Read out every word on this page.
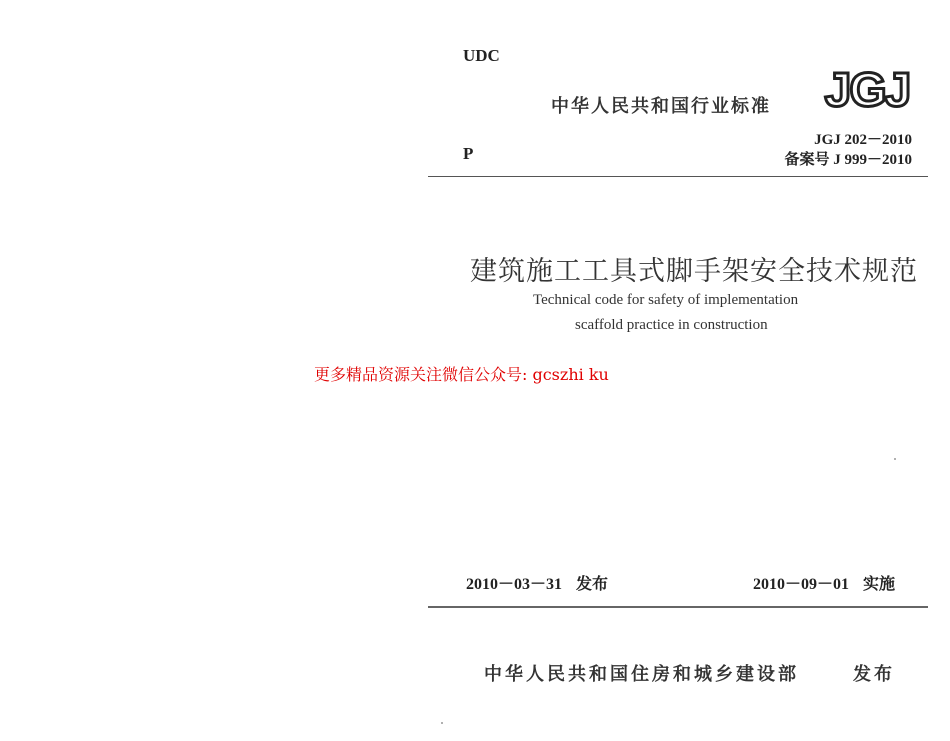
UDC
P
中华人民共和国行业标准 JGJ
JGJ 202－2010
备案号 J 999－2010
建筑施工工具式脚手架安全技术规范
Technical code for safety of implementation
scaffold practice in construction
更多精品资源关注微信公众号: gcszhi ku
2010－03－31 发布	2010－09－01 实施
中华人民共和国住房和城乡建设部	发布
